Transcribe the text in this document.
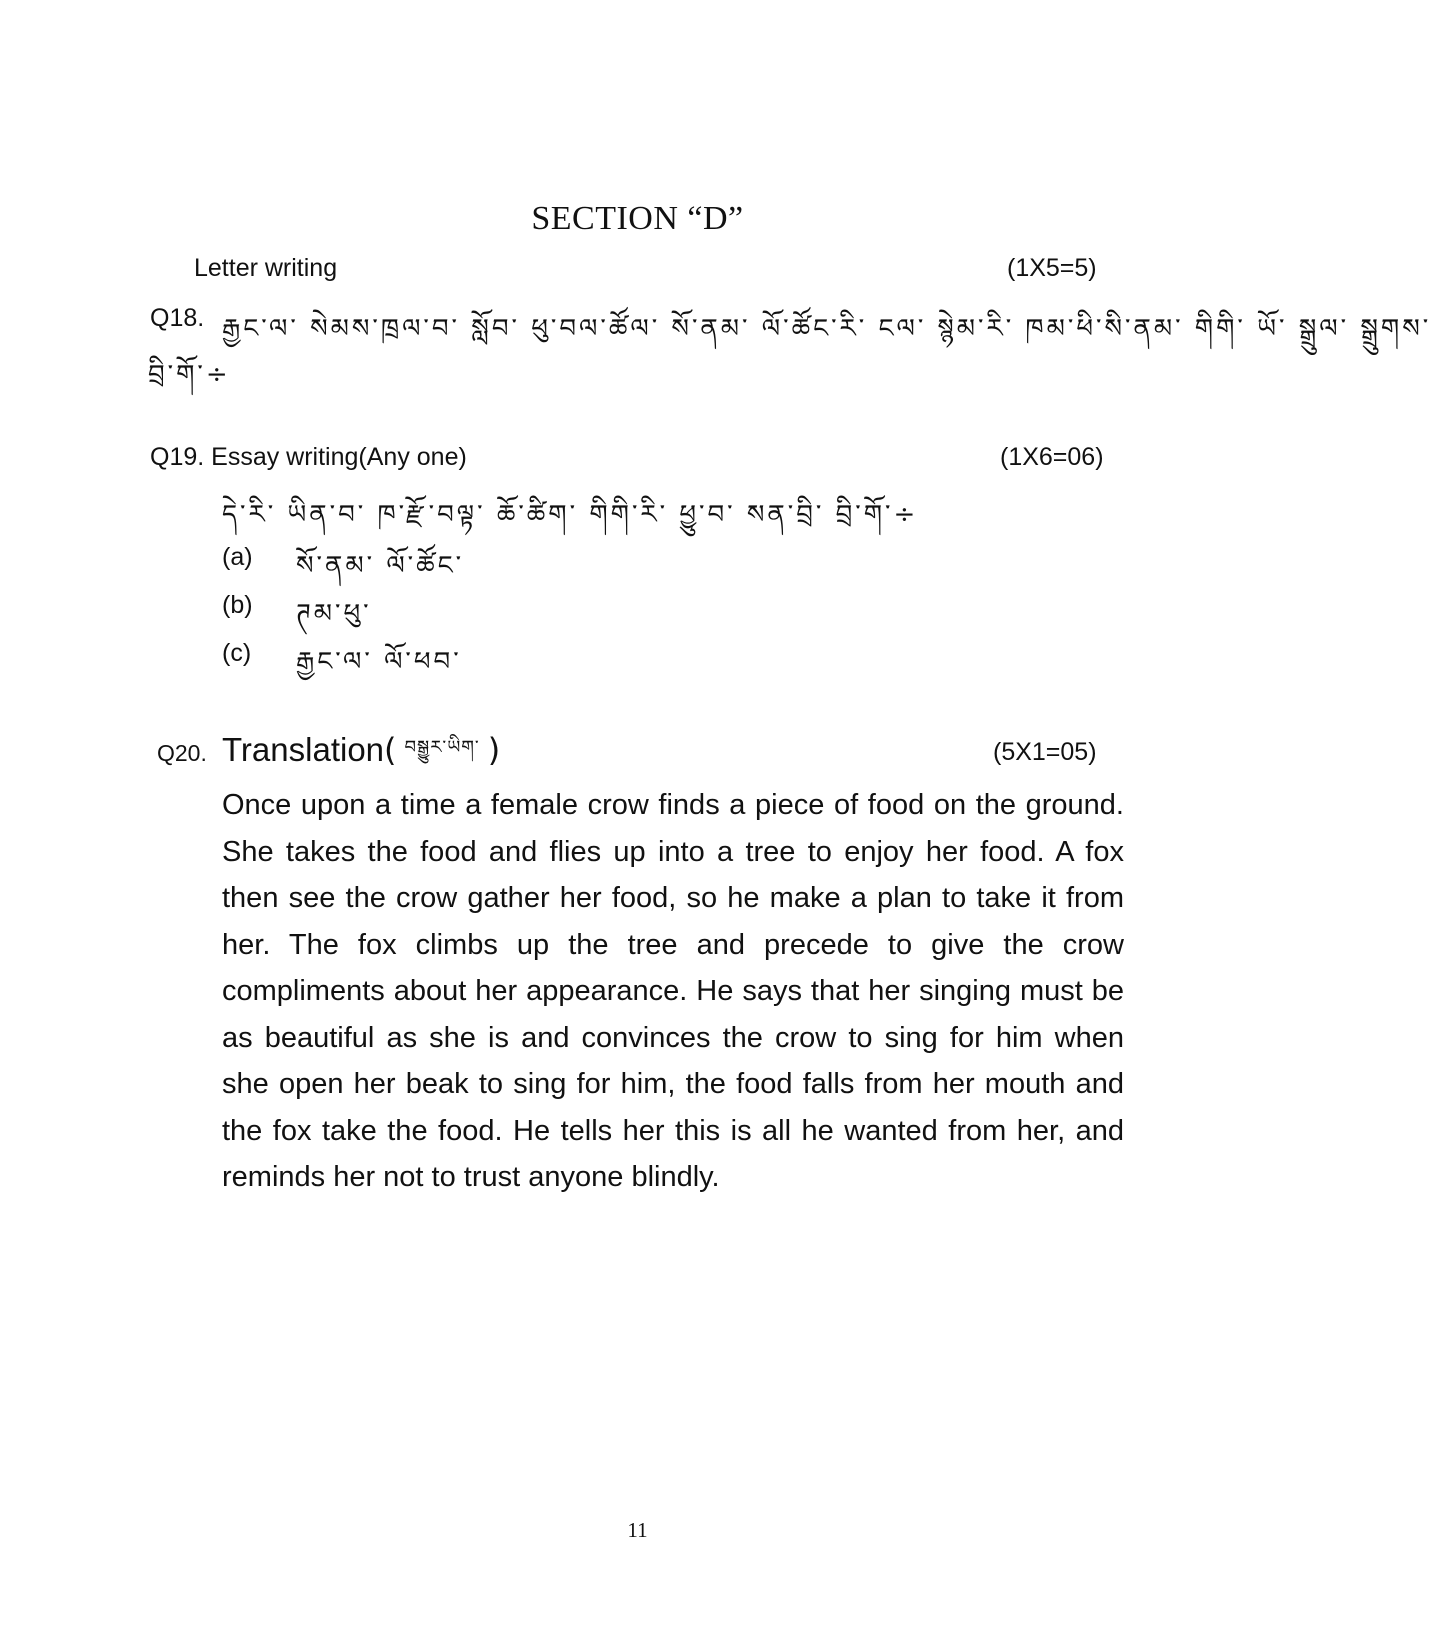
SECTION “D”
Letter writing	(1X5=5)
Q18. རྒྱང་ལ་ སེམས་ཁྲལ་བ་ སློབ་ ཕུ་བལ་ཚོལ་ སོ་ནམ་ ལོ་ཚོང་རི་ ངལ་ སྙེམ་རི་ ཁམ་ཕི་སི་ནམ་ གིགི་ ཡོ་ སྒྲུལ་ སྒྲུགས་
བྲི་གོ་÷
Q19. Essay writing(Any one)	(1X6=06)
དེ་རི་ ཡིན་བ་ ཁ་རྫོ་བལྟ་ ཆོ་ཚིག་ གིགི་རི་ ཕྱུ་བ་ སན་བྲི་ བྲི་གོ་÷
(a) སོ་ནམ་ ལོ་ཚོང་
(b) ཊམ་ཕུ་
(c) རྒྱང་ལ་ ལོ་ཕབ་
Q20. Translation( $^{བསྒྱུར་ཡིག་}$ )	(5X1=05)
Once upon a time a female crow finds a piece of food on the ground. She takes the food and flies up into a tree to enjoy her food. A fox then see the crow gather her food, so he make a plan to take it from her. The fox climbs up the tree and precede to give the crow compliments about her appearance. He says that her singing must be as beautiful as she is and convinces the crow to sing for him when she open her beak to sing for him, the food falls from her mouth and the fox take the food. He tells her this is all he wanted from her, and reminds her not to trust anyone blindly.
11
